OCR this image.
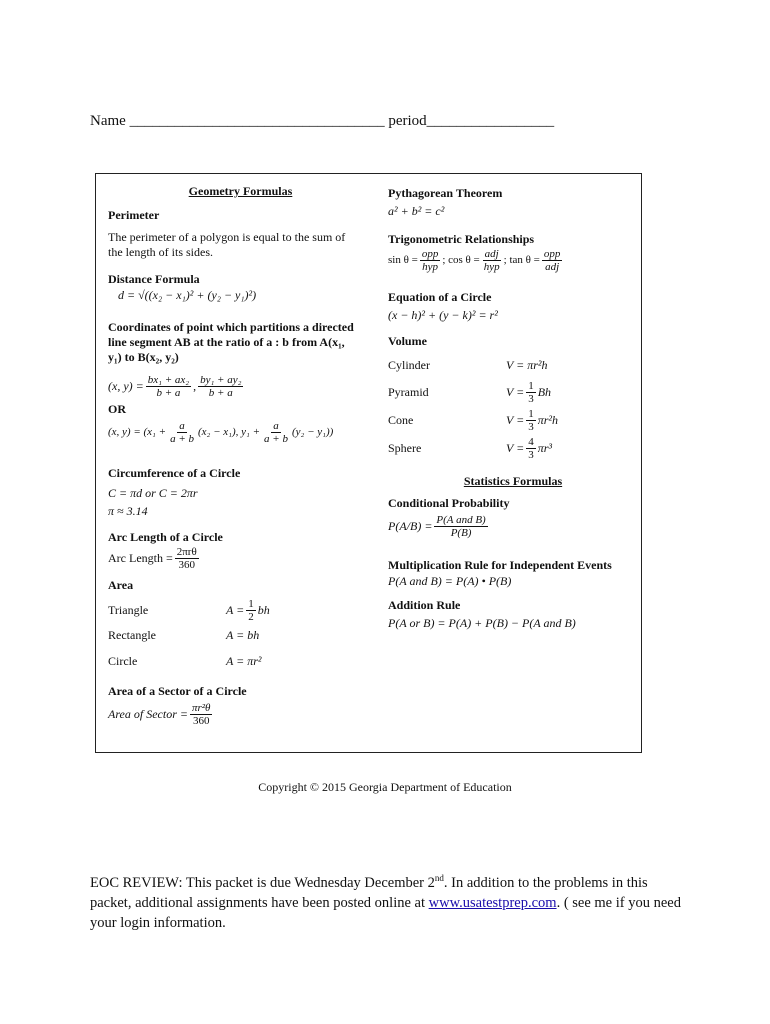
Name __________________________________ period_________________
Geometry Formulas
Perimeter
The perimeter of a polygon is equal to the sum of the length of its sides.
Distance Formula
d = √((x₂ − x₁)² + (y₂ − y₁)²)
Coordinates of point which partitions a directed line segment AB at the ratio of a : b from A(x₁, y₁) to B(x₂, y₂)
(x, $y) = \frac{\text{bx₁ + ax₂}}{b + a}$ , $\frac{\text{by₁ + ay₂}}{b + a}$
OR
(x, $y) = (x_1 + \frac{a}{a + b} (x_2 - x_1)$, $y_1 + \frac{a}{a + b} (y_2 - y_1)$)
Circumference of a Circle
C = πd or C = 2πr
π ≈ 3.14
Arc Length of a Circle
Arc Length = $\frac{\text{2πrθ}}{360}$
Area
Triangle	$A = \frac{1}{2}$ bh
Rectangle	A = bh
Circle	A = πr²
Area of a Sector of a Circle
Area of Sector = $\frac{\text{πr²θ}}{360}$
Pythagorean Theorem
a² + b² = c²
Trigonometric Relationships
$\sin \theta = \frac{\text{opp}}{\text{hyp}}$ ; $\cos \theta = \frac{\text{adj}}{\text{hyp}}$ ; $\tan \theta = \frac{\text{opp}}{\text{adj}}$
Equation of a Circle
(x − h)² + (y − k)² = r²
Volume
Cylinder	V = πr²h
Pyramid	$V = \frac{1}{3}$ Bh
Cone	$V = \frac{1}{3} \pi r^2h$
Sphere	$V = \frac{4}{3} \pi r^3$
Statistics Formulas
Conditional Probability
$P(A/B) = \frac{\text{P(A and B)}}{P(B)}$
Multiplication Rule for Independent Events
P(A and B) = P(A) • P(B)
Addition Rule
P(A or B) = P(A) + P(B) − P(A and B)
Copyright © 2015 Georgia Department of Education
EOC REVIEW: This packet is due Wednesday December 2nd. In addition to the problems in this packet, additional assignments have been posted online at www.usatestprep.com. ( see me if you need your login information.
